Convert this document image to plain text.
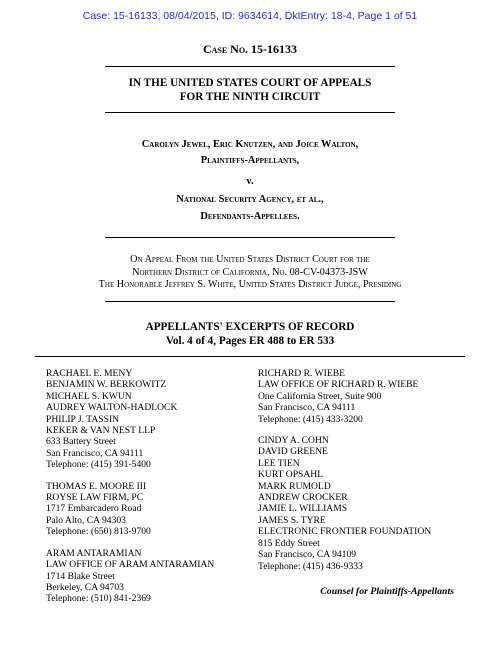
Case: 15-16133, 08/04/2015, ID: 9634614, DktEntry: 18-4, Page 1 of 51
Case No. 15-16133
IN THE UNITED STATES COURT OF APPEALS
FOR THE NINTH CIRCUIT
Carolyn Jewel, Eric Knutzen, and Joice Walton,
Plaintiffs-Appellants,
v.
National Security Agency, et al.,
Defendants-Appellees.
On Appeal From the United States District Court for the
Northern District of California, No. 08-CV-04373-JSW
The Honorable Jeffrey S. White, United States District Judge, Presiding
APPELLANTS' EXCERPTS OF RECORD
Vol. 4 of 4, Pages ER 488 to ER 533
RACHAEL E. MENY
BENJAMIN W. BERKOWITZ
MICHAEL S. KWUN
AUDREY WALTON-HADLOCK
PHILIP J. TASSIN
KEKER & VAN NEST LLP
633 Battery Street
San Francisco, CA 94111
Telephone: (415) 391-5400
THOMAS E. MOORE III
ROYSE LAW FIRM, PC
1717 Embarcadero Road
Palo Alto, CA 94303
Telephone: (650) 813-9700
ARAM ANTARAMIAN
LAW OFFICE OF ARAM ANTARAMIAN
1714 Blake Street
Berkeley, CA 94703
Telephone: (510) 841-2369
RICHARD R. WIEBE
LAW OFFICE OF RICHARD R. WIEBE
One California Street, Suite 900
San Francisco, CA 94111
Telephone: (415) 433-3200
CINDY A. COHN
DAVID GREENE
LEE TIEN
KURT OPSAHL
MARK RUMOLD
ANDREW CROCKER
JAMIE L. WILLIAMS
JAMES S. TYRE
ELECTRONIC FRONTIER FOUNDATION
815 Eddy Street
San Francisco, CA 94109
Telephone: (415) 436-9333
Counsel for Plaintiffs-Appellants
